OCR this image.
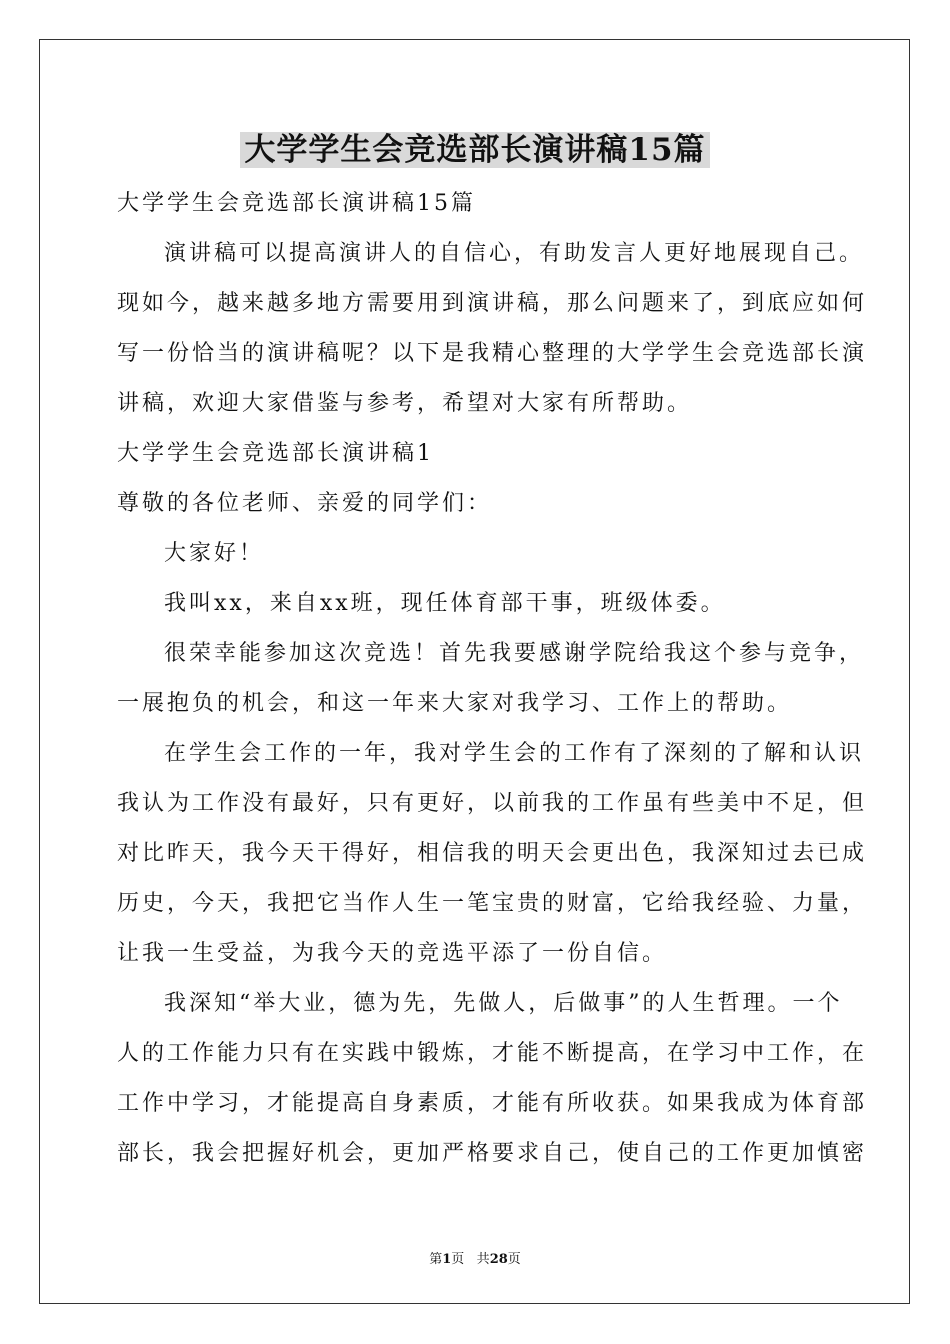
大学学生会竞选部长演讲稿15篇
大学学生会竞选部长演讲稿15篇
演讲稿可以提高演讲人的自信心，有助发言人更好地展现自己。
现如今，越来越多地方需要用到演讲稿，那么问题来了，到底应如何
写一份恰当的演讲稿呢？以下是我精心整理的大学学生会竞选部长演
讲稿，欢迎大家借鉴与参考，希望对大家有所帮助。
大学学生会竞选部长演讲稿1
尊敬的各位老师、亲爱的同学们：
大家好！
我叫xx，来自xx班，现任体育部干事，班级体委。
很荣幸能参加这次竞选！首先我要感谢学院给我这个参与竞争，
一展抱负的机会，和这一年来大家对我学习、工作上的帮助。
在学生会工作的一年，我对学生会的工作有了深刻的了解和认识
我认为工作没有最好，只有更好，以前我的工作虽有些美中不足，但
对比昨天，我今天干得好，相信我的明天会更出色，我深知过去已成
历史，今天，我把它当作人生一笔宝贵的财富，它给我经验、力量，
让我一生受益，为我今天的竞选平添了一份自信。
我深知“举大业，德为先，先做人，后做事”的人生哲理。一个
人的工作能力只有在实践中锻炼，才能不断提高，在学习中工作，在
工作中学习，才能提高自身素质，才能有所收获。如果我成为体育部
部长，我会把握好机会，更加严格要求自己，使自己的工作更加慎密
第1页 共28页
